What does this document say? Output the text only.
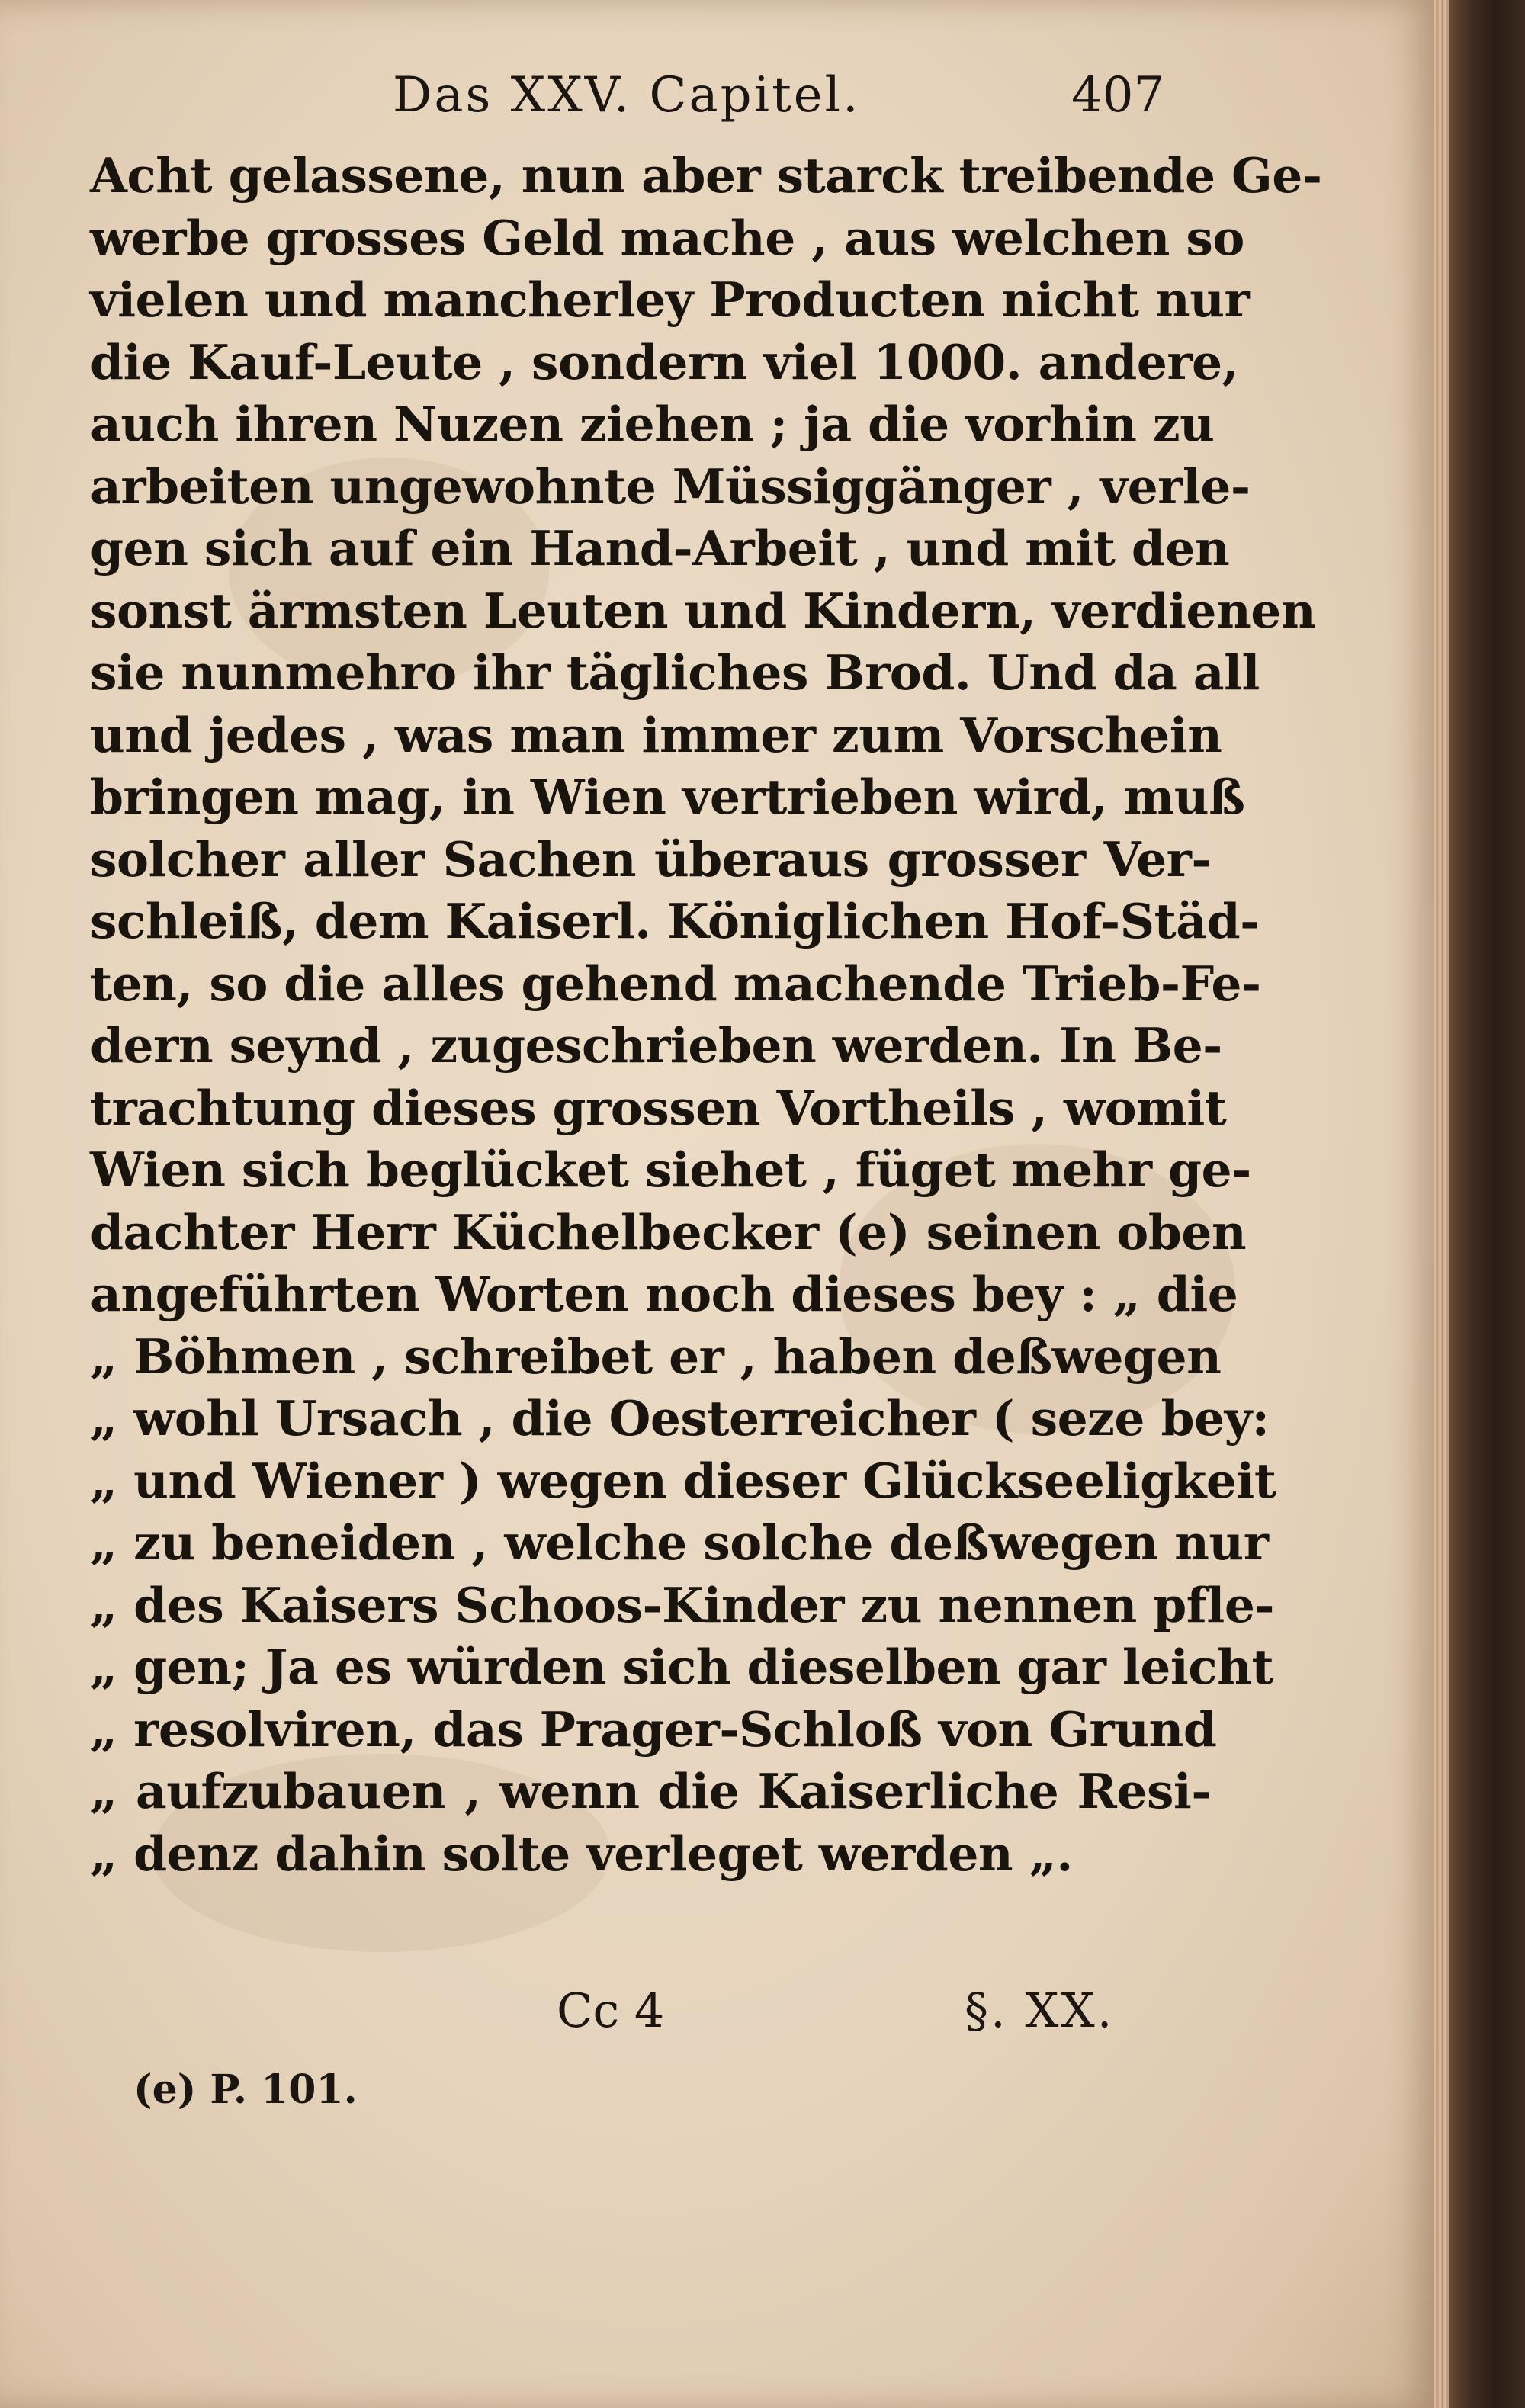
Das XXV. Capitel.	407
Acht gelassene, nun aber starck treibende Ge-
werbe grosses Geld mache , aus welchen so
vielen und mancherley Producten nicht nur
die Kauf-Leute , sondern viel 1000. andere,
auch ihren Nuzen ziehen ; ja die vorhin zu
arbeiten ungewohnte Müssiggänger , verle-
gen sich auf ein Hand-Arbeit , und mit den
sonst ärmsten Leuten und Kindern, verdienen
sie nunmehro ihr tägliches Brod. Und da all
und jedes , was man immer zum Vorschein
bringen mag, in Wien vertrieben wird, muß
solcher aller Sachen überaus grosser Ver-
schleiß, dem Kaiserl. Königlichen Hof-Städ-
ten, so die alles gehend machende Trieb-Fe-
dern seynd , zugeschrieben werden. In Be-
trachtung dieses grossen Vortheils , womit
Wien sich beglücket siehet , füget mehr ge-
dachter Herr Küchelbecker (e) seinen oben
angeführten Worten noch dieses bey : „ die
„ Böhmen , schreibet er , haben deßwegen
„ wohl Ursach , die Oesterreicher ( seze bey:
„ und Wiener ) wegen dieser Glückseeligkeit
„ zu beneiden , welche solche deßwegen nur
„ des Kaisers Schoos-Kinder zu nennen pfle-
„ gen; Ja es würden sich dieselben gar leicht
„ resolviren, das Prager-Schloß von Grund
„ aufzubauen , wenn die Kaiserliche Resi-
„ denz dahin solte verleget werden „.
Cc 4	§. XX.
(e) P. 101.
